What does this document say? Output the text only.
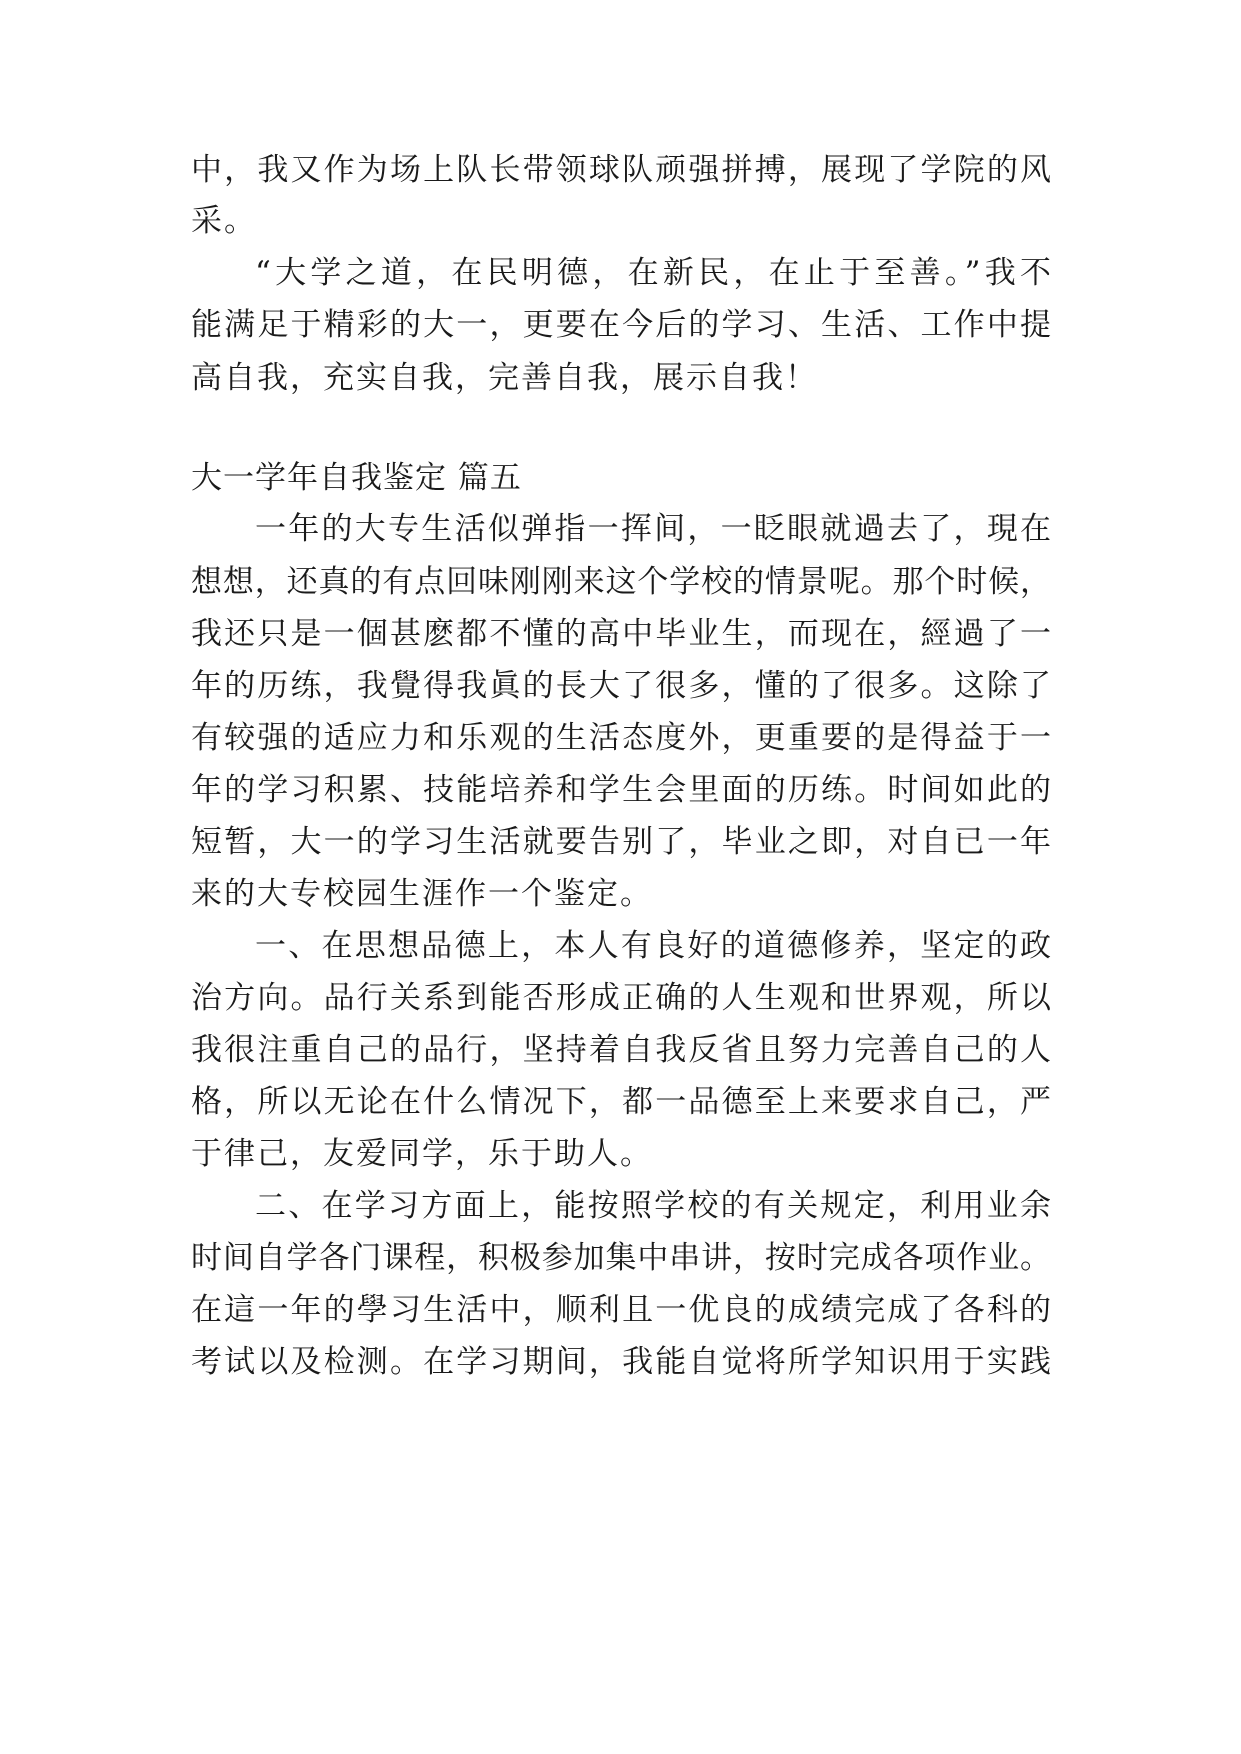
中，我又作为场上队长带领球队顽强拼搏，展现了学院的风
采。
“大学之道，在民明德，在新民，在止于至善。”我不
能满足于精彩的大一，更要在今后的学习、生活、工作中提
高自我，充实自我，完善自我，展示自我！
大一学年自我鉴定 篇五
一年的大专生活似弹指一挥间，一眨眼就過去了，現在
想想，还真的有点回味刚刚来这个学校的情景呢。那个时候，
我还只是一個甚麽都不懂的高中毕业生，而现在，經過了一
年的历练，我覺得我眞的長大了很多，懂的了很多。这除了
有较强的适应力和乐观的生活态度外，更重要的是得益于一
年的学习积累、技能培养和学生会里面的历练。时间如此的
短暂，大一的学习生活就要告别了，毕业之即，对自已一年
来的大专校园生涯作一个鉴定。
一、在思想品德上，本人有良好的道德修养，坚定的政
治方向。品行关系到能否形成正确的人生观和世界观，所以
我很注重自己的品行，坚持着自我反省且努力完善自己的人
格，所以无论在什么情况下，都一品德至上来要求自己，严
于律己，友爱同学，乐于助人。
二、在学习方面上，能按照学校的有关规定，利用业余
时间自学各门课程，积极参加集中串讲，按时完成各项作业。
在這一年的學习生活中，顺利且一优良的成绩完成了各科的
考试以及检测。在学习期间，我能自觉将所学知识用于实践
